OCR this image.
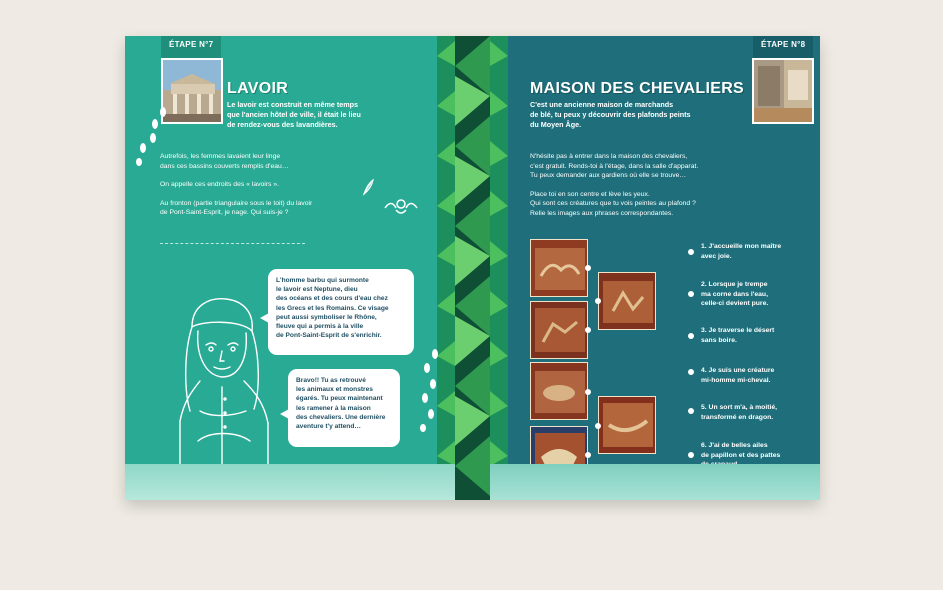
ÉTAPE N°7
LAVOIR
Le lavoir est construit en même temps
que l'ancien hôtel de ville, il était le lieu
de rendez-vous des lavandières.
Autrefois, les femmes lavaient leur linge
dans ces bassins couverts remplis d'eau…
On appelle ces endroits des « lavoirs ».
Au fronton (partie triangulaire sous le toit) du lavoir
de Pont-Saint-Esprit, je nage. Qui suis-je ?
L'homme barbu qui surmonte
le lavoir est Neptune, dieu
des océans et des cours d'eau chez
les Grecs et les Romains. Ce visage
peut aussi symboliser le Rhône,
fleuve qui a permis à la ville
de Pont-Saint-Esprit de s'enrichir.
Bravo!! Tu as retrouvé
les animaux et monstres
égarés. Tu peux maintenant
les ramener à la maison
des chevaliers. Une dernière
aventure t'y attend…
ÉTAPE N°8
MAISON DES CHEVALIERS
C'est une ancienne maison de marchands
de blé, tu peux y découvrir des plafonds peints
du Moyen Âge.
N'hésite pas à entrer dans la maison des chevaliers,
c'est gratuit. Rends-toi à l'étage, dans la salle d'apparat.
Tu peux demander aux gardiens où elle se trouve…
Place toi en son centre et lève les yeux.
Qui sont ces créatures que tu vois peintes au plafond ?
Relie les images aux phrases correspondantes.
1. J'accueille mon maître
avec joie.
2. Lorsque je trempe
ma corne dans l'eau,
celle-ci devient pure.
3. Je traverse le désert
sans boire.
4. Je suis une créature
mi-homme mi-cheval.
5. Un sort m'a, à moitié,
transformé en dragon.
6. J'ai de belles ailes
de papillon et des pattes
